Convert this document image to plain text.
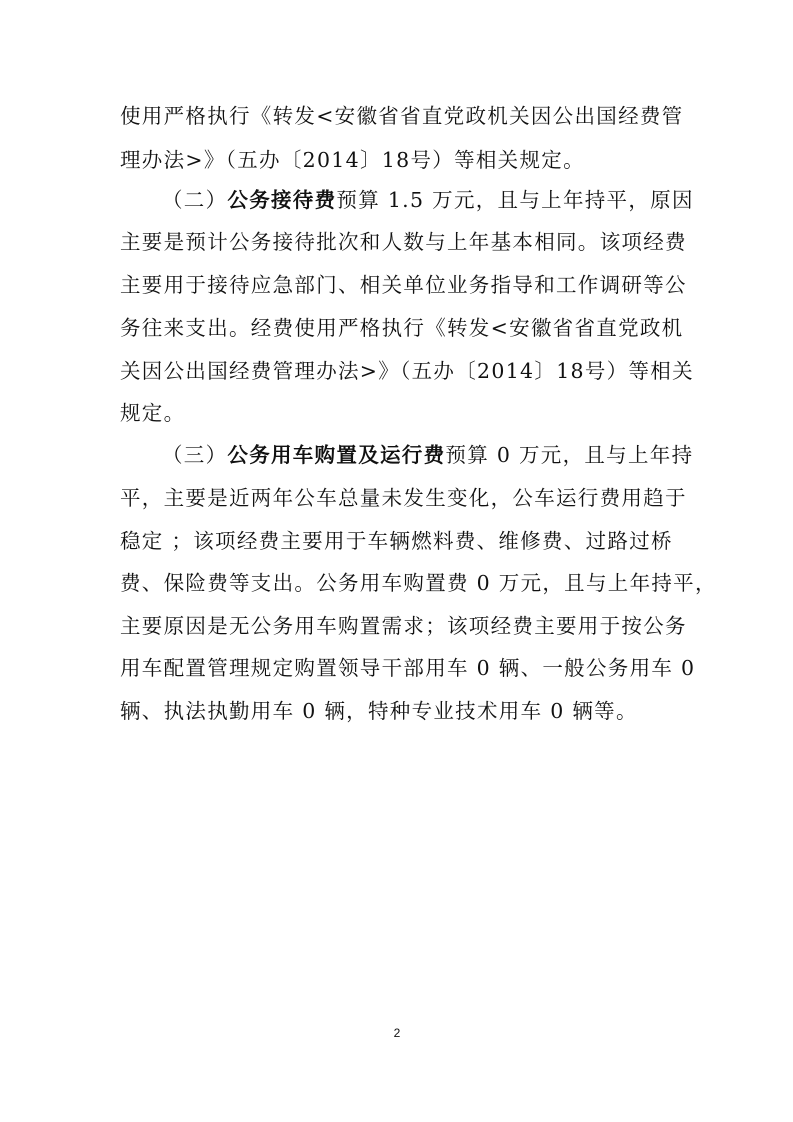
使用严格执行《转发<安徽省省直党政机关因公出国经费管
理办法>》（五办〔2014〕18号）等相关规定。
（二）公务接待费预算 1.5 万元，且与上年持平，原因
主要是预计公务接待批次和人数与上年基本相同。该项经费
主要用于接待应急部门、相关单位业务指导和工作调研等公
务往来支出。经费使用严格执行《转发<安徽省省直党政机
关因公出国经费管理办法>》（五办〔2014〕18号）等相关
规定。
（三）公务用车购置及运行费预算 0 万元，且与上年持
平，主要是近两年公车总量未发生变化，公车运行费用趋于
稳定 ；该项经费主要用于车辆燃料费、维修费、过路过桥
费、保险费等支出。公务用车购置费 0 万元，且与上年持平，
主要原因是无公务用车购置需求；该项经费主要用于按公务
用车配置管理规定购置领导干部用车 0 辆、一般公务用车 0
辆、执法执勤用车 0 辆，特种专业技术用车 0 辆等。
2
